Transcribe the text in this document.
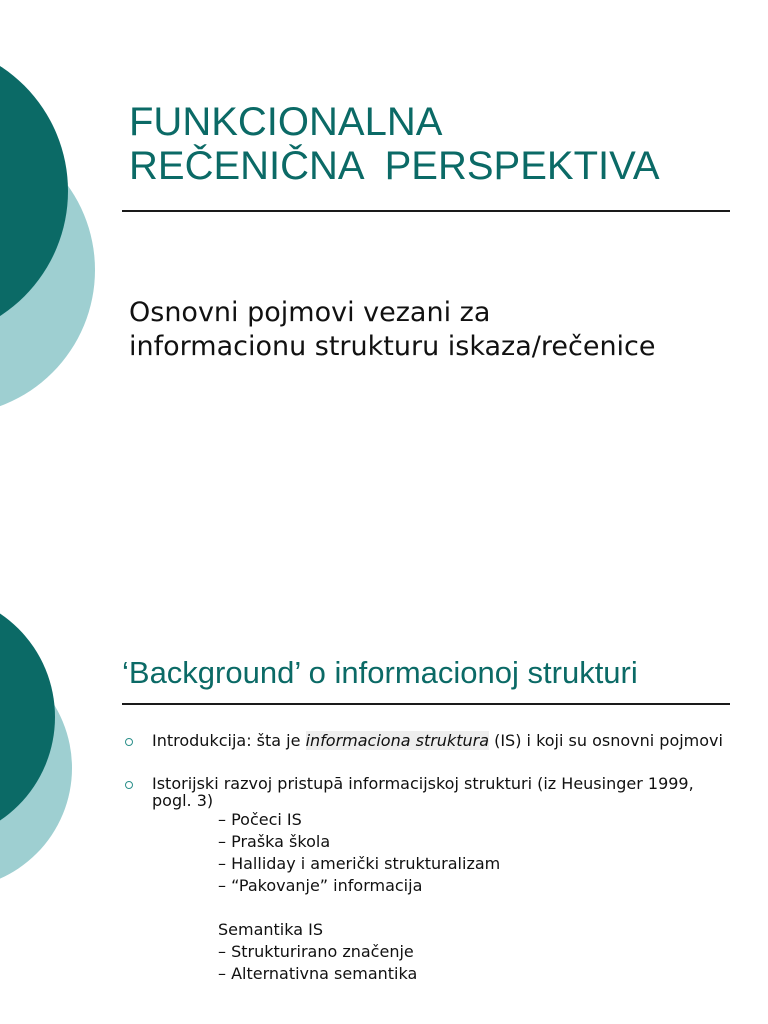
FUNKCIONALNA
REČENIČNA  PERSPEKTIVA

Osnovni pojmovi vezani za
informacionu strukturu iskaza/rečenice

‘Background’ o informacionoj strukturi
Introdukcija: šta je informaciona struktura (IS) i koji su osnovni pojmovi
Istorijski razvoj pristupā informacijskoj strukturi (iz Heusinger 1999, pogl. 3)
– Počeci IS
– Praška škola
– Halliday i američki strukturalizam
– “Pakovanje” informacija
Semantika IS
– Strukturirano značenje
– Alternativna semantika
